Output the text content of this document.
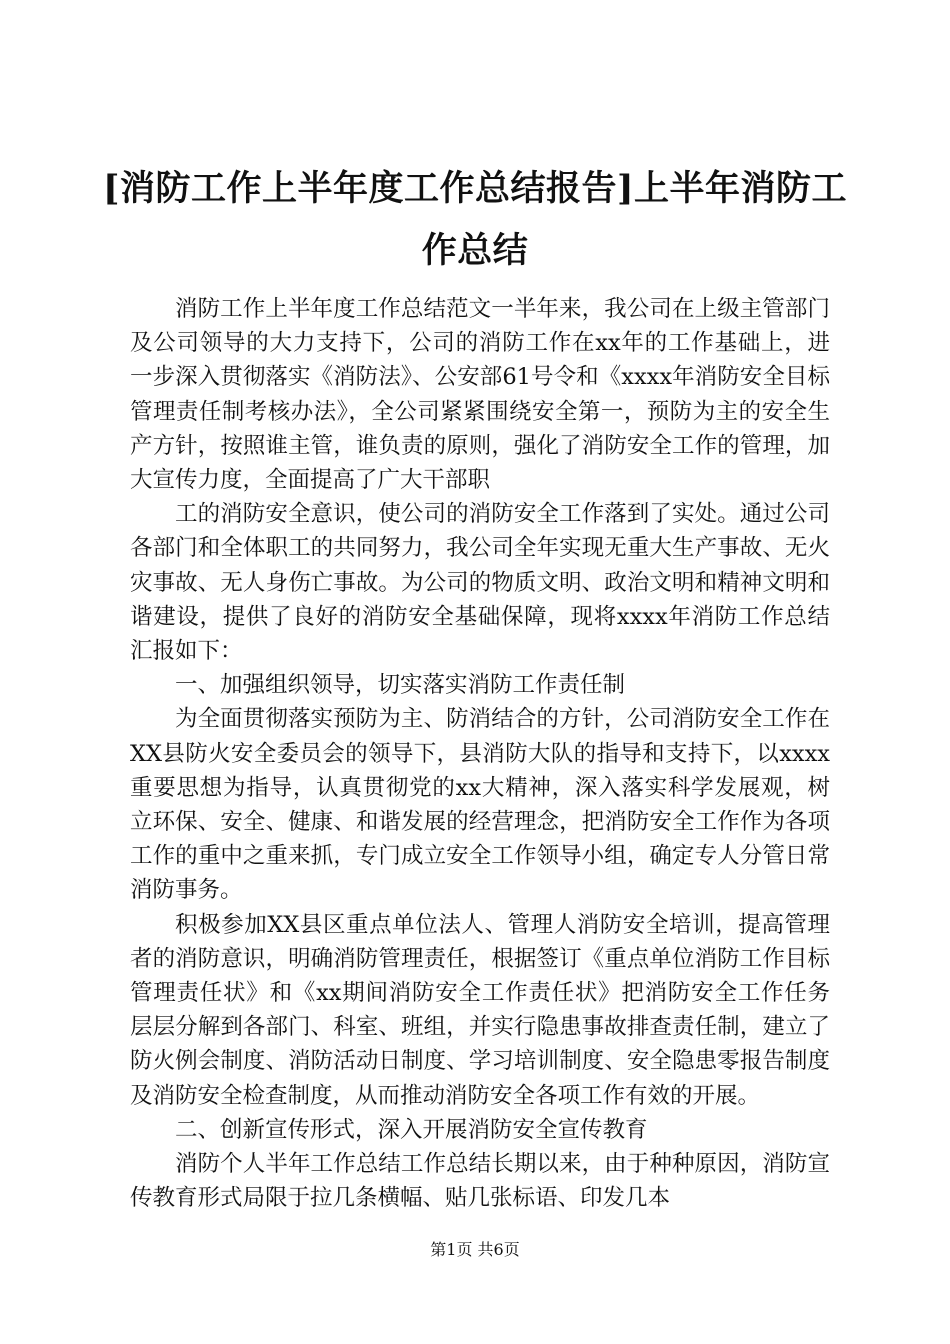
[消防工作上半年度工作总结报告]上半年消防工作总结

消防工作上半年度工作总结范文一半年来，我公司在上级主管部门及公司领导的大力支持下，公司的消防工作在xx年的工作基础上，进一步深入贯彻落实《消防法》、公安部61号令和《xxxx年消防安全目标管理责任制考核办法》，全公司紧紧围绕安全第一，预防为主的安全生产方针，按照谁主管，谁负责的原则，强化了消防安全工作的管理，加大宣传力度，全面提高了广大干部职

工的消防安全意识，使公司的消防安全工作落到了实处。通过公司各部门和全体职工的共同努力，我公司全年实现无重大生产事故、无火灾事故、无人身伤亡事故。为公司的物质文明、政治文明和精神文明和谐建设，提供了良好的消防安全基础保障，现将xxxx年消防工作总结汇报如下：

一、加强组织领导，切实落实消防工作责任制

为全面贯彻落实预防为主、防消结合的方针，公司消防安全工作在XX县防火安全委员会的领导下，县消防大队的指导和支持下，以xxxx重要思想为指导，认真贯彻党的xx大精神，深入落实科学发展观，树立环保、安全、健康、和谐发展的经营理念，把消防安全工作作为各项工作的重中之重来抓，专门成立安全工作领导小组，确定专人分管日常消防事务。

积极参加XX县区重点单位法人、管理人消防安全培训，提高管理者的消防意识，明确消防管理责任，根据签订《重点单位消防工作目标管理责任状》和《xx期间消防安全工作责任状》把消防安全工作任务层层分解到各部门、科室、班组，并实行隐患事故排查责任制，建立了防火例会制度、消防活动日制度、学习培训制度、安全隐患零报告制度及消防安全检查制度，从而推动消防安全各项工作有效的开展。

二、创新宣传形式，深入开展消防安全宣传教育

消防个人半年工作总结工作总结长期以来，由于种种原因，消防宣传教育形式局限于拉几条横幅、贴几张标语、印发几本

第1页 共6页
